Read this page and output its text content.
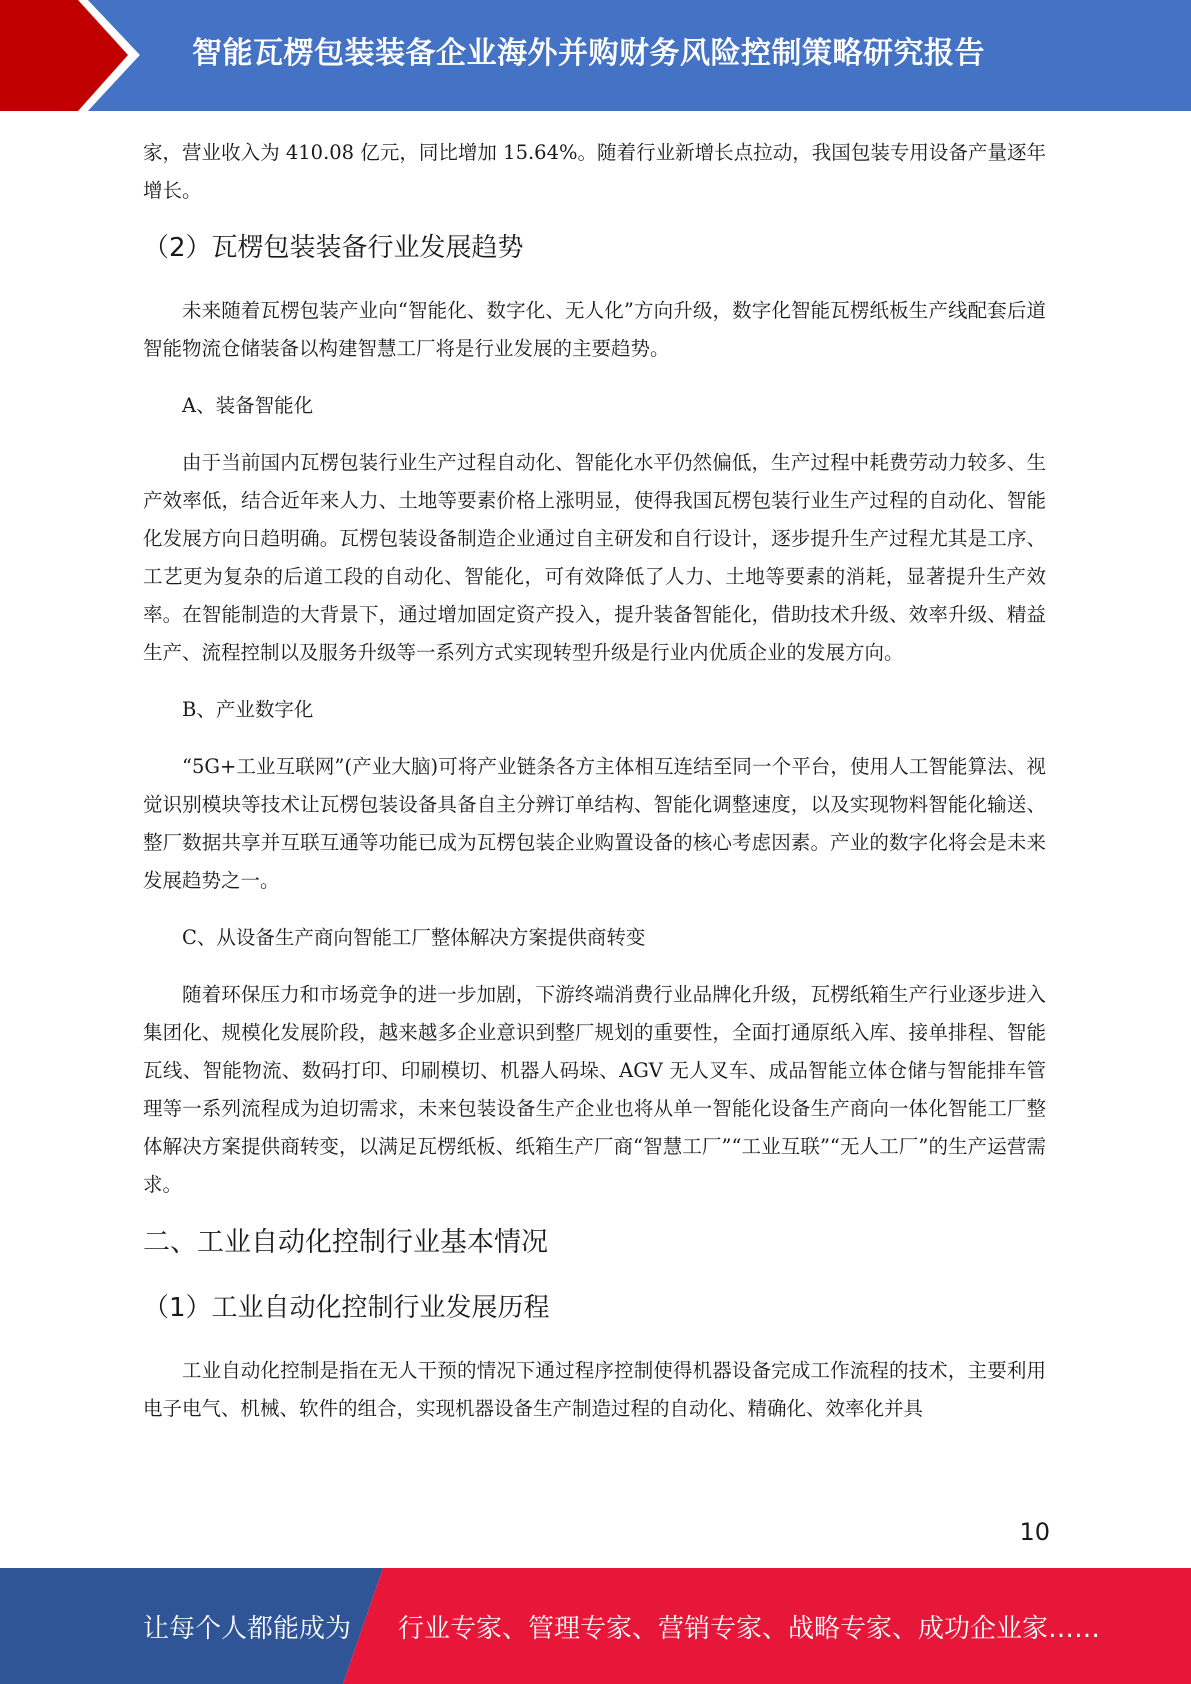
智能瓦楞包装装备企业海外并购财务风险控制策略研究报告

家，营业收入为 410.08 亿元，同比增加 15.64%。随着行业新增长点拉动，我国包装专用设备产量逐年增长。

（2）瓦楞包装装备行业发展趋势

未来随着瓦楞包装产业向“智能化、数字化、无人化”方向升级，数字化智能瓦楞纸板生产线配套后道智能物流仓储装备以构建智慧工厂将是行业发展的主要趋势。

A、装备智能化

由于当前国内瓦楞包装行业生产过程自动化、智能化水平仍然偏低，生产过程中耗费劳动力较多、生产效率低，结合近年来人力、土地等要素价格上涨明显，使得我国瓦楞包装行业生产过程的自动化、智能化发展方向日趋明确。瓦楞包装设备制造企业通过自主研发和自行设计，逐步提升生产过程尤其是工序、工艺更为复杂的后道工段的自动化、智能化，可有效降低了人力、土地等要素的消耗，显著提升生产效率。在智能制造的大背景下，通过增加固定资产投入，提升装备智能化，借助技术升级、效率升级、精益生产、流程控制以及服务升级等一系列方式实现转型升级是行业内优质企业的发展方向。

B、产业数字化

“5G+工业互联网”(产业大脑)可将产业链条各方主体相互连结至同一个平台，使用人工智能算法、视觉识别模块等技术让瓦楞包装设备具备自主分辨订单结构、智能化调整速度，以及实现物料智能化输送、整厂数据共享并互联互通等功能已成为瓦楞包装企业购置设备的核心考虑因素。产业的数字化将会是未来发展趋势之一。

C、从设备生产商向智能工厂整体解决方案提供商转变

随着环保压力和市场竞争的进一步加剧，下游终端消费行业品牌化升级，瓦楞纸箱生产行业逐步进入集团化、规模化发展阶段，越来越多企业意识到整厂规划的重要性，全面打通原纸入库、接单排程、智能瓦线、智能物流、数码打印、印刷模切、机器人码垛、AGV 无人叉车、成品智能立体仓储与智能排车管理等一系列流程成为迫切需求，未来包装设备生产企业也将从单一智能化设备生产商向一体化智能工厂整体解决方案提供商转变，以满足瓦楞纸板、纸箱生产厂商“智慧工厂”“工业互联”“无人工厂”的生产运营需求。

二、工业自动化控制行业基本情况
（1）工业自动化控制行业发展历程

工业自动化控制是指在无人干预的情况下通过程序控制使得机器设备完成工作流程的技术，主要利用电子电气、机械、软件的组合，实现机器设备生产制造过程的自动化、精确化、效率化并具

10
让每个人都能成为 行业专家、管理专家、营销专家、战略专家、成功企业家……
